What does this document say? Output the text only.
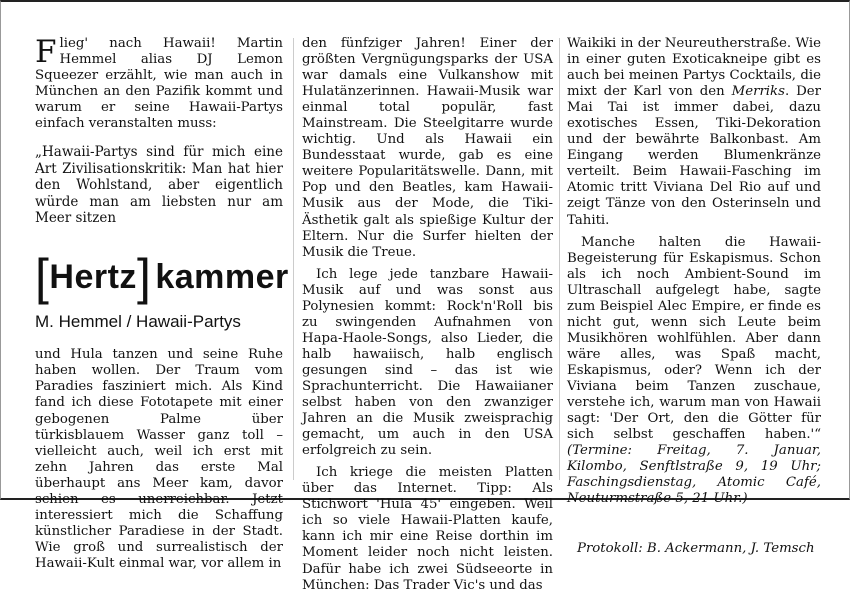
Flieg' nach Hawaii! Martin Hemmel alias DJ Lemon Squeezer erzählt, wie man auch in München an den Pazifik kommt und warum er seine Hawaii-Partys einfach veranstalten muss:

„Hawaii-Partys sind für mich eine Art Zivilisationskritik: Man hat hier den Wohlstand, aber eigentlich würde man am liebsten nur am Meer sitzen

[ Hertz ] kammer
M. Hemmel / Hawaii-Partys

und Hula tanzen und seine Ruhe haben wollen. Der Traum vom Paradies fasziniert mich. Als Kind fand ich diese Fototapete mit einer gebogenen Palme über türkisblauem Wasser ganz toll – vielleicht auch, weil ich erst mit zehn Jahren das erste Mal überhaupt ans Meer kam, davor schien es unerreichbar. Jetzt interessiert mich die Schaffung künstlicher Paradiese in der Stadt. Wie groß und surrealistisch der Hawaii-Kult einmal war, vor allem in

den fünfziger Jahren! Einer der größten Vergnügungsparks der USA war damals eine Vulkanshow mit Hulatänzerinnen. Hawaii-Musik war einmal total populär, fast Mainstream. Die Steelgitarre wurde wichtig. Und als Hawaii ein Bundesstaat wurde, gab es eine weitere Popularitätswelle. Dann, mit Pop und den Beatles, kam Hawaii-Musik aus der Mode, die Tiki-Ästhetik galt als spießige Kultur der Eltern. Nur die Surfer hielten der Musik die Treue.

Ich lege jede tanzbare Hawaii-Musik auf und was sonst aus Polynesien kommt: Rock'n'Roll bis zu swingenden Aufnahmen von Hapa-Haole-Songs, also Lieder, die halb hawaiisch, halb englisch gesungen sind – das ist wie Sprachunterricht. Die Hawaiianer selbst haben von den zwanziger Jahren an die Musik zweisprachig gemacht, um auch in den USA erfolgreich zu sein.

Ich kriege die meisten Platten über das Internet. Tipp: Als Stichwort 'Hula 45' eingeben. Weil ich so viele Hawaii-Platten kaufe, kann ich mir eine Reise dorthin im Moment leider noch nicht leisten. Dafür habe ich zwei Südseeorte in München: Das Trader Vic's und das

Waikiki in der Neureutherstraße. Wie in einer guten Exoticakneipe gibt es auch bei meinen Partys Cocktails, die mixt der Karl von den Merriks. Der Mai Tai ist immer dabei, dazu exotisches Essen, Tiki-Dekoration und der bewährte Balkonbast. Am Eingang werden Blumenkränze verteilt. Beim Hawaii-Fasching im Atomic tritt Viviana Del Rio auf und zeigt Tänze von den Osterinseln und Tahiti.

Manche halten die Hawaii-Begeisterung für Eskapismus. Schon als ich noch Ambient-Sound im Ultraschall aufgelegt habe, sagte zum Beispiel Alec Empire, er finde es nicht gut, wenn sich Leute beim Musikhören wohlfühlen. Aber dann wäre alles, was Spaß macht, Eskapismus, oder? Wenn ich der Viviana beim Tanzen zuschaue, verstehe ich, warum man von Hawaii sagt: 'Der Ort, den die Götter für sich selbst geschaffen haben.'“ (Termine: Freitag, 7. Januar, Kilombo, Senftlstraße 9, 19 Uhr; Faschingsdienstag, Atomic Café, Neuturmstraße 5, 21 Uhr.)

Protokoll: B. Ackermann, J. Temsch
